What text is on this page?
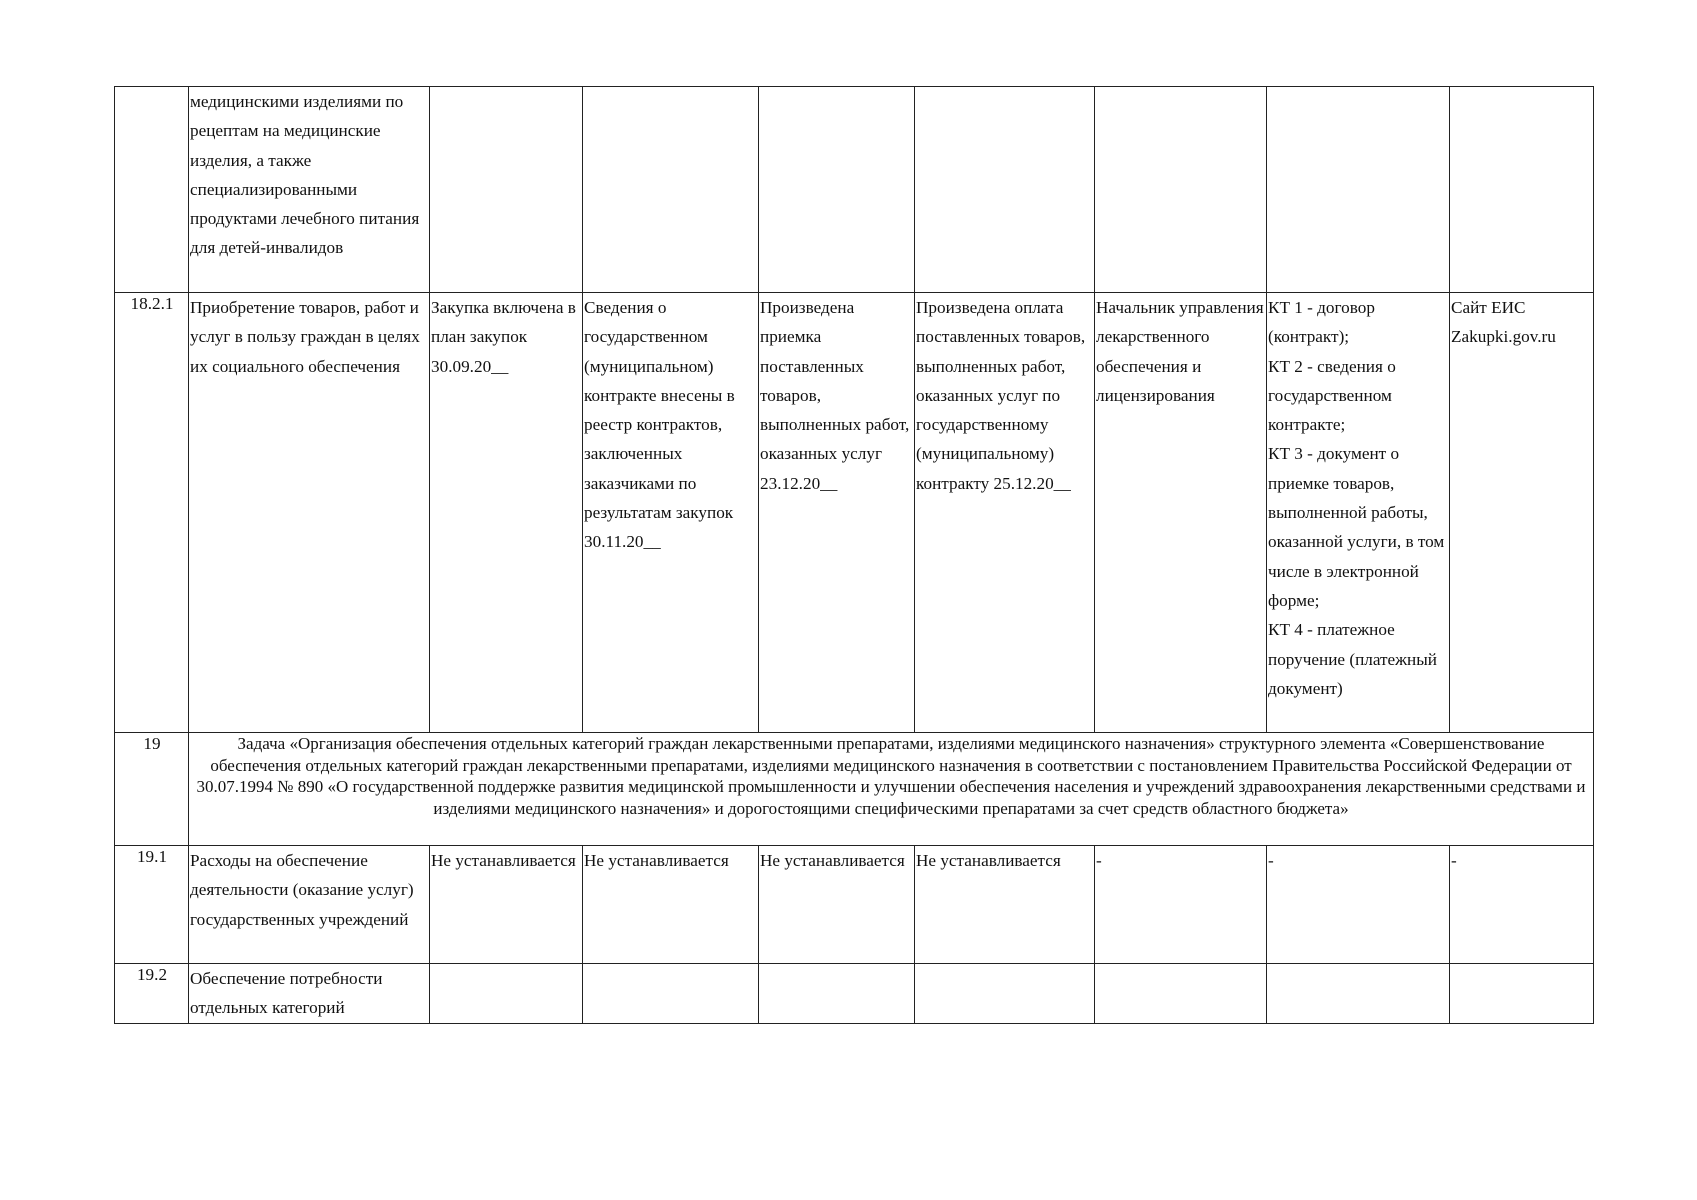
	медицинскими изделиями по рецептам на медицинские изделия, а также специализированными продуктами лечебного питания для детей-инвалидов							
18.2.1	Приобретение товаров, работ и услуг в пользу граждан в целях их социального обеспечения	Закупка включена в план закупок 30.09.20__	Сведения о государственном (муниципальном) контракте внесены в реестр контрактов, заключенных заказчиками по результатам закупок 30.11.20__	Произведена приемка поставленных товаров, выполненных работ, оказанных услуг 23.12.20__	Произведена оплата поставленных товаров, выполненных работ, оказанных услуг по государственному (муниципальному) контракту 25.12.20__	Начальник управления лекарственного обеспечения и лицензирования	КТ 1 - договор (контракт);
КТ 2 - сведения о государственном контракте;
КТ 3 - документ о приемке товаров, выполненной работы, оказанной услуги, в том числе в электронной форме;
КТ 4 - платежное поручение (платежный документ)	Сайт ЕИС Zakupki.gov.ru
19	Задача «Организация обеспечения отдельных категорий граждан лекарственными препаратами, изделиями медицинского назначения» структурного элемента «Совершенствование обеспечения отдельных категорий граждан лекарственными препаратами, изделиями медицинского назначения в соответствии с постановлением Правительства Российской Федерации от 30.07.1994 № 890 «О государственной поддержке развития медицинской промышленности и улучшении обеспечения населения и учреждений здравоохранения лекарственными средствами и изделиями медицинского назначения» и дорогостоящими специфическими препаратами за счет средств областного бюджета»							
19.1	Расходы на обеспечение деятельности (оказание услуг) государственных учреждений	Не устанавливается	Не устанавливается	Не устанавливается	Не устанавливается	-	-	-
19.2	Обеспечение потребности отдельных категорий							
